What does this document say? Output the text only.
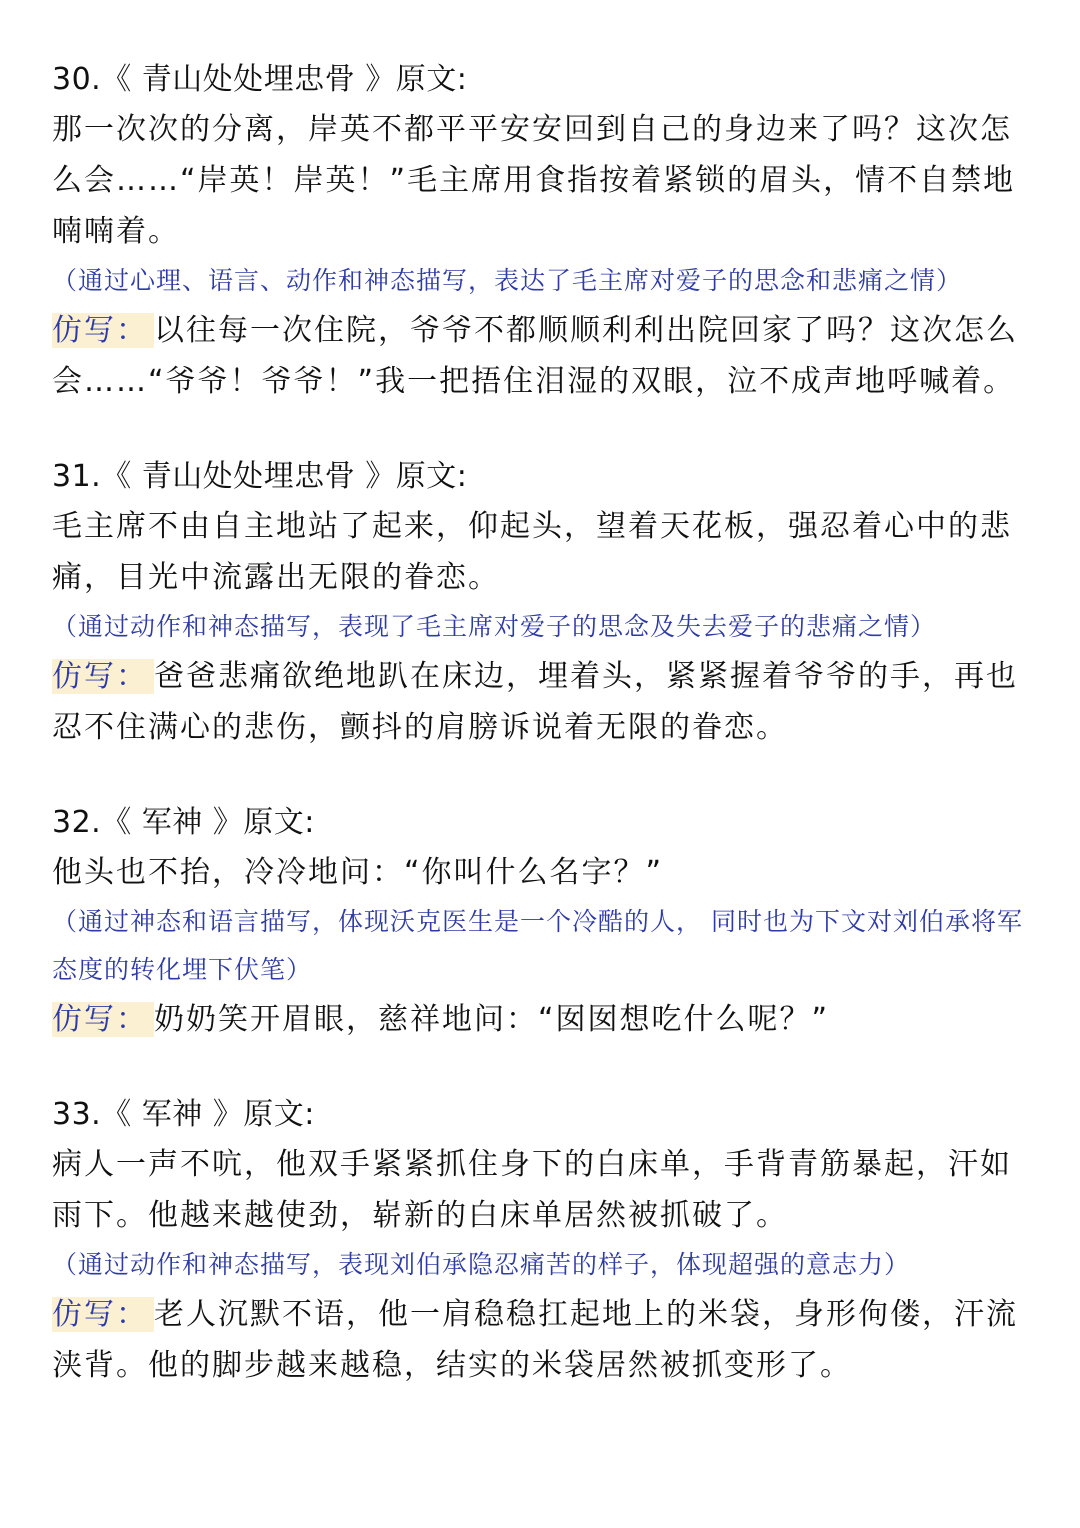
30.《 青山处处埋忠骨 》原文:

那一次次的分离，岸英不都平平安安回到自己的身边来了吗？这次怎么会……“岸英！岸英！”毛主席用食指按着紧锁的眉头，情不自禁地喃喃着。

（通过心理、语言、动作和神态描写，表达了毛主席对爱子的思念和悲痛之情）

仿写： 以往每一次住院，爷爷不都顺顺利利出院回家了吗？这次怎么会……“爷爷！爷爷！”我一把捂住泪湿的双眼，泣不成声地呼喊着。

31.《 青山处处埋忠骨 》原文:

毛主席不由自主地站了起来，仰起头，望着天花板，强忍着心中的悲痛，目光中流露出无限的眷恋。

（通过动作和神态描写，表现了毛主席对爱子的思念及失去爱子的悲痛之情）

仿写： 爸爸悲痛欲绝地趴在床边，埋着头，紧紧握着爷爷的手，再也忍不住满心的悲伤，颤抖的肩膀诉说着无限的眷恋。

32.《 军神 》原文:

他头也不抬，冷冷地问：“你叫什么名字？”

（通过神态和语言描写，体现沃克医生是一个冷酷的人， 同时也为下文对刘伯承将军态度的转化埋下伏笔）

仿写： 奶奶笑开眉眼，慈祥地问：“囡囡想吃什么呢？”

33.《 军神 》原文:

病人一声不吭，他双手紧紧抓住身下的白床单，手背青筋暴起，汗如雨下。他越来越使劲，崭新的白床单居然被抓破了。

（通过动作和神态描写，表现刘伯承隐忍痛苦的样子，体现超强的意志力）

仿写： 老人沉默不语，他一肩稳稳扛起地上的米袋，身形佝偻，汗流浃背。他的脚步越来越稳，结实的米袋居然被抓变形了。
